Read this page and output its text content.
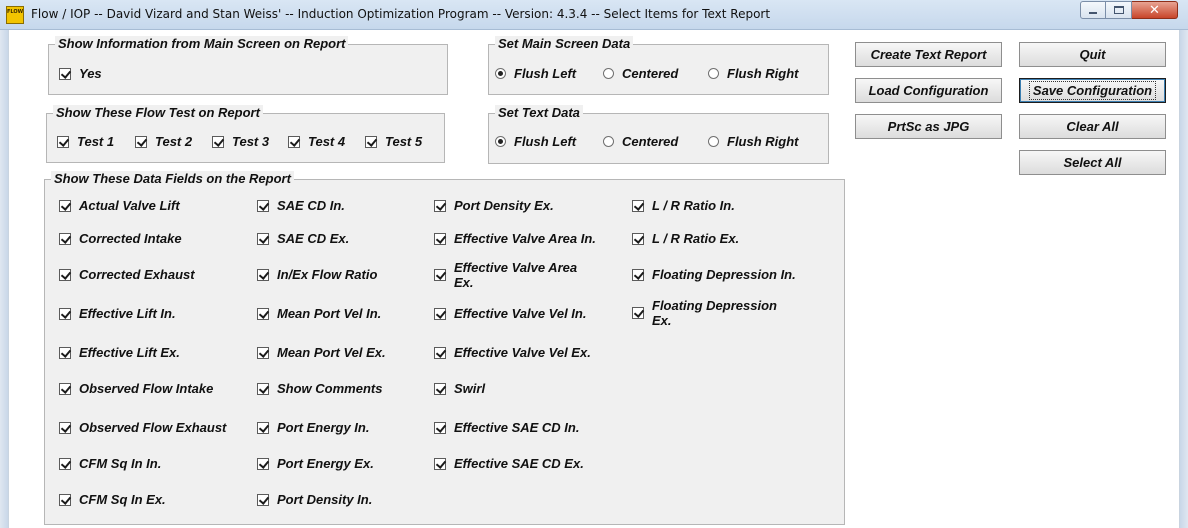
FLOW Flow / IOP -- David Vizard and Stan Weiss' -- Induction Optimization Program -- Version: 4.3.4 -- Select Items for Text Report	✕
Show Information from Main Screen on Report
Yes
Show These Flow Test on Report
Test 1	Test 2	Test 3	Test 4	Test 5
Set Main Screen Data
Flush Left	Centered	Flush Right
Set Text Data
Flush Left	Centered	Flush Right
Show These Data Fields on the Report
Actual Valve Lift
Corrected Intake
Corrected Exhaust
Effective Lift In.
Effective Lift Ex.
Observed Flow Intake
Observed Flow Exhaust
CFM Sq In In.
CFM Sq In Ex.
SAE CD In.
SAE CD Ex.
In/Ex Flow Ratio
Mean Port Vel In.
Mean Port Vel Ex.
Show Comments
Port Energy In.
Port Energy Ex.
Port Density In.
Port Density Ex.
Effective Valve Area In.
Effective Valve Area Ex.
Effective Valve Vel In.
Effective Valve Vel Ex.
Swirl
Effective SAE CD In.
Effective SAE CD Ex.
L / R Ratio In.
L / R Ratio Ex.
Floating Depression In.
Floating Depression Ex.
Create Text Report	Quit
Load Configuration	Save Configuration
PrtSc as JPG	Clear All
Select All
